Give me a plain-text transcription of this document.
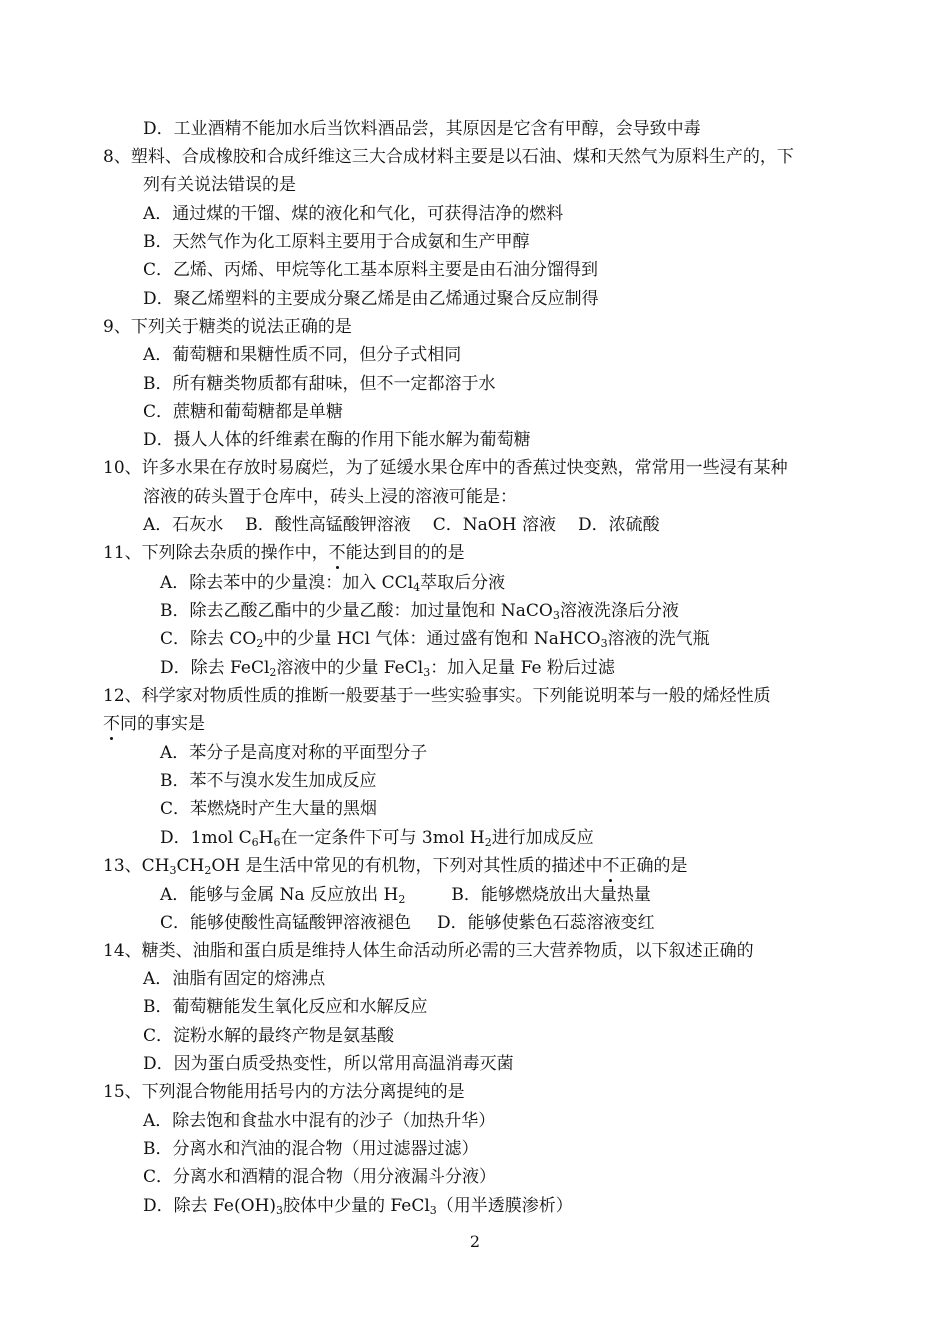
D．工业酒精不能加水后当饮料酒品尝，其原因是它含有甲醇，会导致中毒
8、塑料、合成橡胶和合成纤维这三大合成材料主要是以石油、煤和天然气为原料生产的，下
列有关说法错误的是
A．通过煤的干馏、煤的液化和气化，可获得洁净的燃料
B．天然气作为化工原料主要用于合成氨和生产甲醇
C．乙烯、丙烯、甲烷等化工基本原料主要是由石油分馏得到
D．聚乙烯塑料的主要成分聚乙烯是由乙烯通过聚合反应制得
9、下列关于糖类的说法正确的是
A．葡萄糖和果糖性质不同，但分子式相同
B．所有糖类物质都有甜味，但不一定都溶于水
C．蔗糖和葡萄糖都是单糖
D．摄人人体的纤维素在酶的作用下能水解为葡萄糖
10、许多水果在存放时易腐烂，为了延缓水果仓库中的香蕉过快变熟，常常用一些浸有某种
溶液的砖头置于仓库中，砖头上浸的溶液可能是：
A．石灰水 B．酸性高锰酸钾溶液 C．NaOH 溶液 D．浓硫酸
11、下列除去杂质的操作中，不能达到目的的是
A．除去苯中的少量溴：加入 CCl$_4$萃取后分液
B．除去乙酸乙酯中的少量乙酸：加过量饱和 NaCO$_3$溶液洗涤后分液
C．除去 $CO_2$中的少量 HCl 气体：通过盛有饱和 NaHCO$_3$溶液的洗气瓶
D．除去 FeCl$_2$溶液中的少量 FeCl$_3$：加入足量 Fe 粉后过滤
12、科学家对物质性质的推断一般要基于一些实验事实。下列能说明苯与一般的烯烃性质
不同的事实是
A．苯分子是高度对称的平面型分子
B．苯不与溴水发生加成反应
C．苯燃烧时产生大量的黑烟
D．1mol $C_6H_6$在一定条件下可与 3mol $H_2$进行加成反应
13、$CH_3CH_2OH$ 是生活中常见的有机物，下列对其性质的描述中不正确的是
A．能够与金属 Na 反应放出 $H_2$	B．能够燃烧放出大量热量
C．能够使酸性高锰酸钾溶液褪色 D．能够使紫色石蕊溶液变红
14、糖类、油脂和蛋白质是维持人体生命活动所必需的三大营养物质，以下叙述正确的
A．油脂有固定的熔沸点
B．葡萄糖能发生氧化反应和水解反应
C．淀粉水解的最终产物是氨基酸
D．因为蛋白质受热变性，所以常用高温消毒灭菌
15、下列混合物能用括号内的方法分离提纯的是
A．除去饱和食盐水中混有的沙子（加热升华）
B．分离水和汽油的混合物（用过滤器过滤）
C．分离水和酒精的混合物（用分液漏斗分液）
D．除去 $Fe(OH)_3$胶体中少量的 FeCl$_3$（用半透膜渗析）
2
